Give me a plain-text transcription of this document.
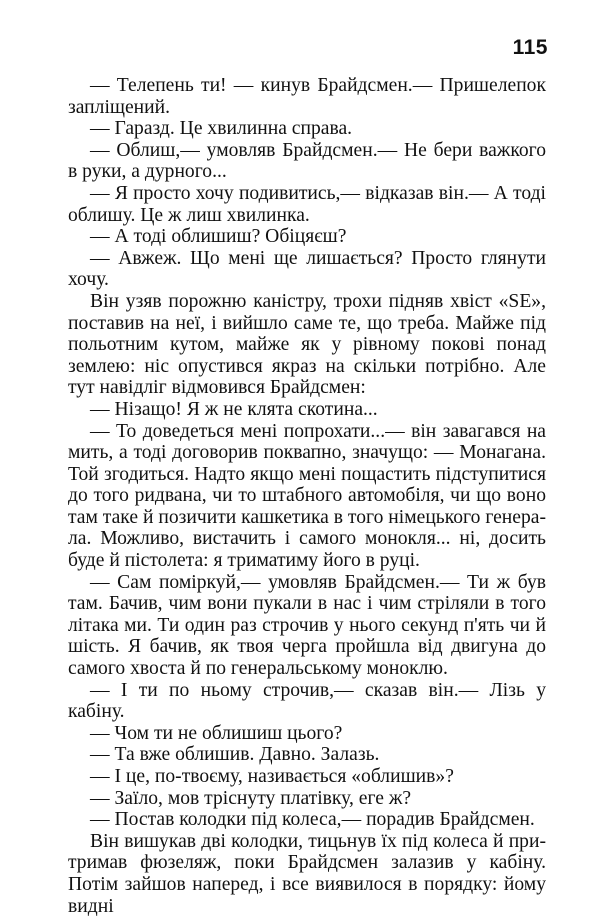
115

— Телепень ти! — кинув Брайдсмен.— Пришелепок запліщений.

— Гаразд. Це хвилинна справа.

— Облиш,— умовляв Брайдсмен.— Не бери важкого в руки, а дурного...

— Я просто хочу подивитись,— відказав він.— А тоді облишу. Це ж лиш хвилинка.

— А тоді облишиш? Обіцяєш?

— Авжеж. Що мені ще лишається? Просто глянути хочу.

Він узяв порожню каністру, трохи підняв хвіст «SE», поставив на неї, і вийшло саме те, що треба. Майже під польотним кутом, майже як у рівному покові понад землею: ніс опустився якраз на скільки потрібно. Але тут навідліг відмовився Брайдсмен:

— Нізащо! Я ж не клята скотина...

— То доведеться мені попрохати...— він завагався на мить, а тоді договорив поквапно, значущо: — Монагана. Той згодиться. Надто якщо мені пощастить підступитися до того ридвана, чи то штабного автомобіля, чи що воно там таке й позичити кашкетика в того німецького генерала. Можливо, вистачить і самого монокля... ні, досить буде й пістолета: я триматиму його в руці.

— Сам поміркуй,— умовляв Брайдсмен.— Ти ж був там. Бачив, чим вони пукали в нас і чим стріляли в того літака ми. Ти один раз строчив у нього секунд п'ять чи й шість. Я бачив, як твоя черга пройшла від двигуна до самого хвоста й по генеральському моноклю.

— І ти по ньому строчив,— сказав він.— Лізь у кабіну.

— Чом ти не облишиш цього?

— Та вже облишив. Давно. Залазь.

— І це, по-твоєму, називається «облишив»?

— Заїло, мов тріснуту платівку, еге ж?

— Постав колодки під колеса,— порадив Брайдсмен.

Він вишукав дві колодки, тицьнув їх під колеса й притримав фюзеляж, поки Брайдсмен залазив у кабіну. Потім зайшов наперед, і все виявилося в порядку: йому видні
